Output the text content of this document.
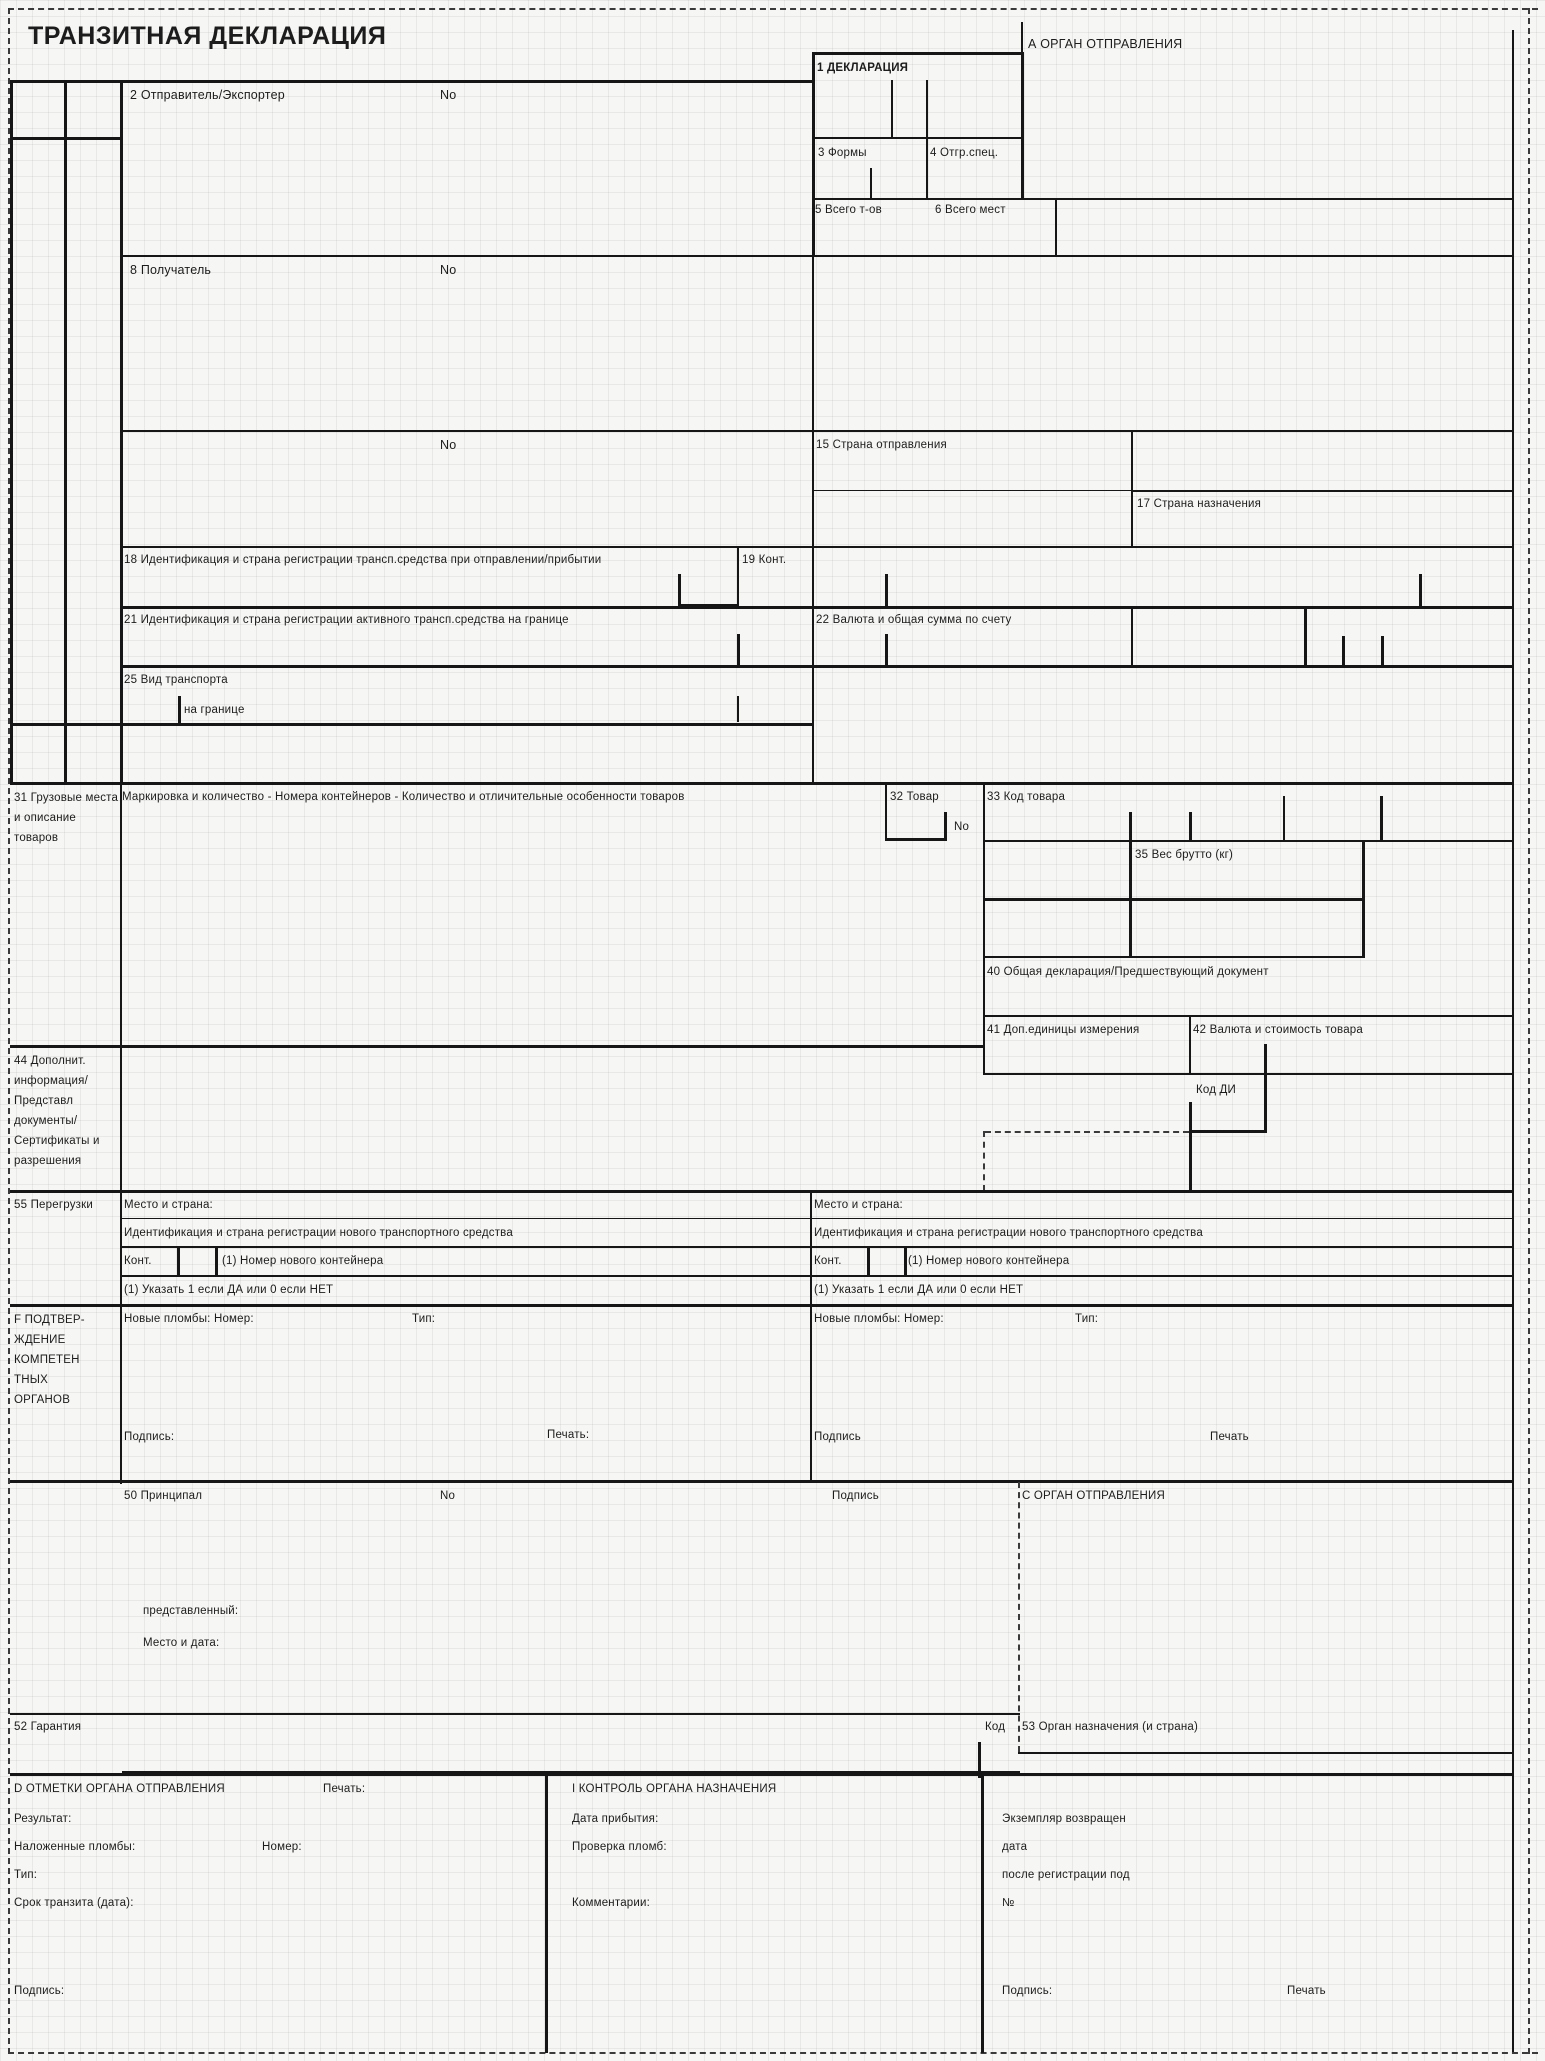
ТРАНЗИТНАЯ ДЕКЛАРАЦИЯ	А ОРГАН ОТПРАВЛЕНИЯ
1 ДЕКЛАРАЦИЯ
2 Отправитель/Экспортер	No
3 Формы	4 Отгр.спец.
5 Всего т-ов	6 Всего мест
8 Получатель	No
No	15 Страна отправления
17 Страна назначения
18 Идентификация и страна регистрации трансп.средства при отправлении/прибытии	19 Конт.
21 Идентификация и страна регистрации активного трансп.средства на границе	22 Валюта и общая сумма по счету
25 Вид транспорта
на границе
31 Грузовые места и описание товаров
Маркировка и количество - Номера контейнеров - Количество и отличительные особенности товаров	32 Товар
No
33 Код товара
35 Вес брутто (кг)
40 Общая декларация/Предшествующий документ
41 Доп.единицы измерения	42 Валюта и стоимость товара
Код ДИ
44 Дополнит. информация/ Представл документы/ Сертификаты и разрешения
55 Перегрузки	Место и страна:	Место и страна:
Идентификация и страна регистрации нового транспортного средства	Идентификация и страна регистрации нового транспортного средства
Конт.	(1) Номер нового контейнера	Конт.	(1) Номер нового контейнера
(1) Указать 1 если ДА или 0 если НЕТ	(1) Указать 1 если ДА или 0 если НЕТ
F ПОДТВЕР- ЖДЕНИЕ КОМПЕТЕН ТНЫХ ОРГАНОВ
Новые пломбы: Номер:	Тип:	Новые пломбы: Номер:	Тип:
Подпись:	Печать:	Подпись	Печать
50 Принципал	No	Подпись	С ОРГАН ОТПРАВЛЕНИЯ
представленный:
Место и дата:
52 Гарантия	Код 53 Орган назначения (и страна)
D ОТМЕТКИ ОРГАНА ОТПРАВЛЕНИЯ	Печать:
Результат:
Наложенные пломбы:	Номер:
Тип:
Срок транзита (дата):
Подпись:
I КОНТРОЛЬ ОРГАНА НАЗНАЧЕНИЯ
Дата прибытия:
Проверка пломб:
Комментарии:
Экземпляр возвращен
дата
после регистрации под
№
Подпись:	Печать
